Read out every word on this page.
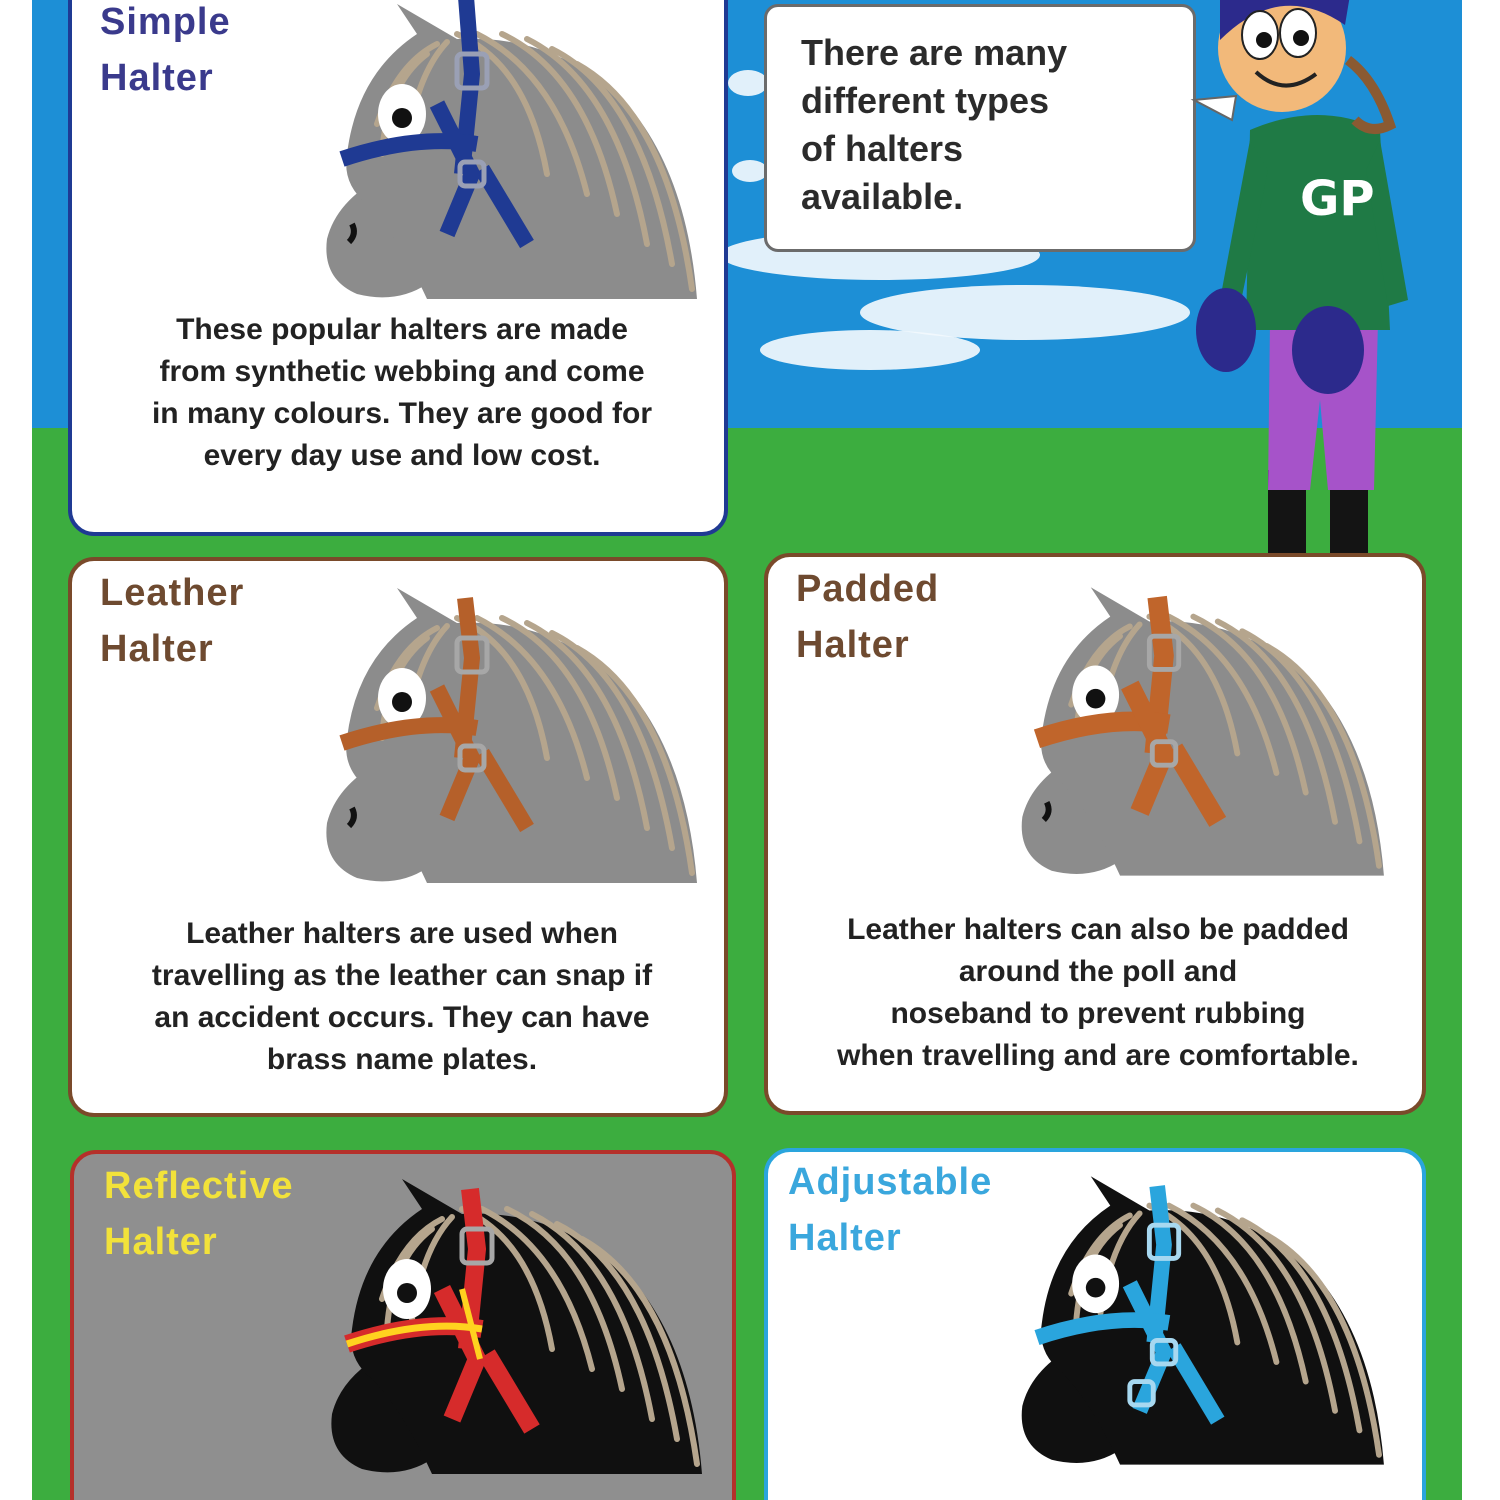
There are many
different types
of halters
available.	GP

Simple
Halter

These popular halters are made
from synthetic webbing and come
in many colours. They are good for
every day use and low cost.

Leather
Halter

Leather halters are used when
travelling as the leather can snap if
an accident occurs. They can have
brass name plates.

Padded
Halter

Leather halters can also be padded
around the poll and
noseband to prevent rubbing
when travelling and are comfortable.

Reflective
Halter

Adjustable
Halter
